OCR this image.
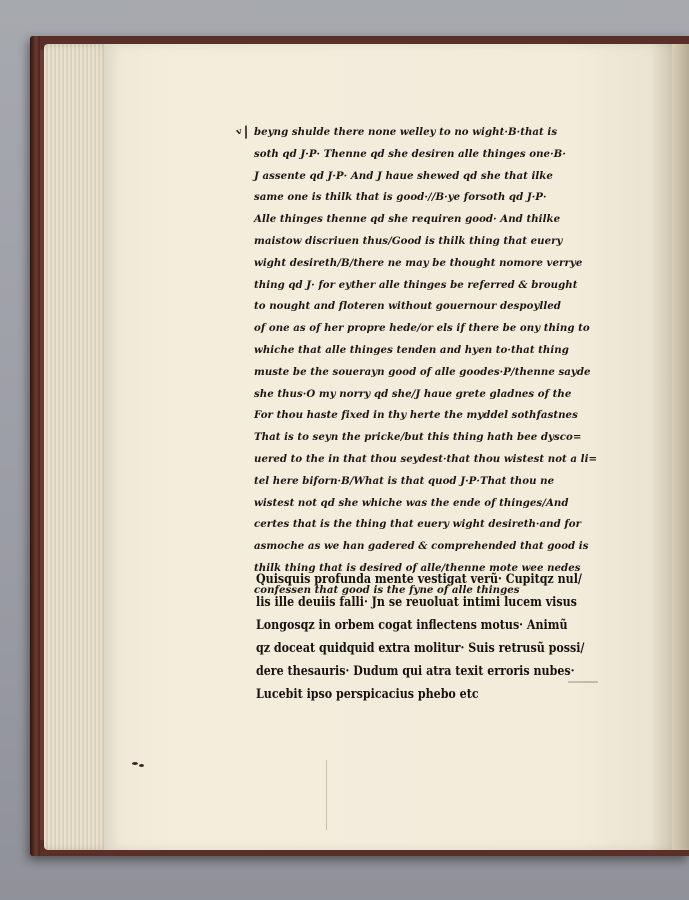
ᵛ/ beyng shulde there none welley to no wight·B·that is
soth qd J·P· Thenne qd she desiren alle thinges one·B·
J assente qd J·P· And J haue shewed qd she that ilke
same one is thilk that is good·//B·ye forsoth qd J·P·
Alle thinges thenne qd she requiren good· And thilke
maistow discriuen thus/Good is thilk thing that euery
wight desireth/B/there ne may be thought nomore verrye
thing qd J· for eyther alle thinges be referred & brought
to nought and floteren without gouernour despoylled
of one as of her propre hede/or els if there be ony thing to
whiche that alle thinges tenden and hyen to·that thing
muste be the souerayn good of alle goodes·P/thenne sayde
she thus·O my norry qd she/J haue grete gladnes of the
For thou haste fixed in thy herte the myddel sothfastnes
That is to seyn the pricke/but this thing hath bee dysco=
uered to the in that thou seydest·that thou wistest not a li=
tel here biforn·B/What is that quod J·P·That thou ne
wistest not qd she whiche was the ende of thinges/And
certes that is the thing that euery wight desireth·and for
asmoche as we han gadered & comprehended that good is
thilk thing that is desired of alle/thenne mote wee nedes
confessen that good is the fyne of alle thinges
Quisquis profunda mente vestigat verũ· Cupitqz nul/
lis ille deuiis falli· Jn se reuoluat intimi lucem visus
Longosqz in orbem cogat inflectens motus· Animũ
qz doceat quidquid extra molitur· Suis retrusũ possi/
dere thesauris· Dudum qui atra texit erroris nubes·
Lucebit ipso perspicacius phebo etc
